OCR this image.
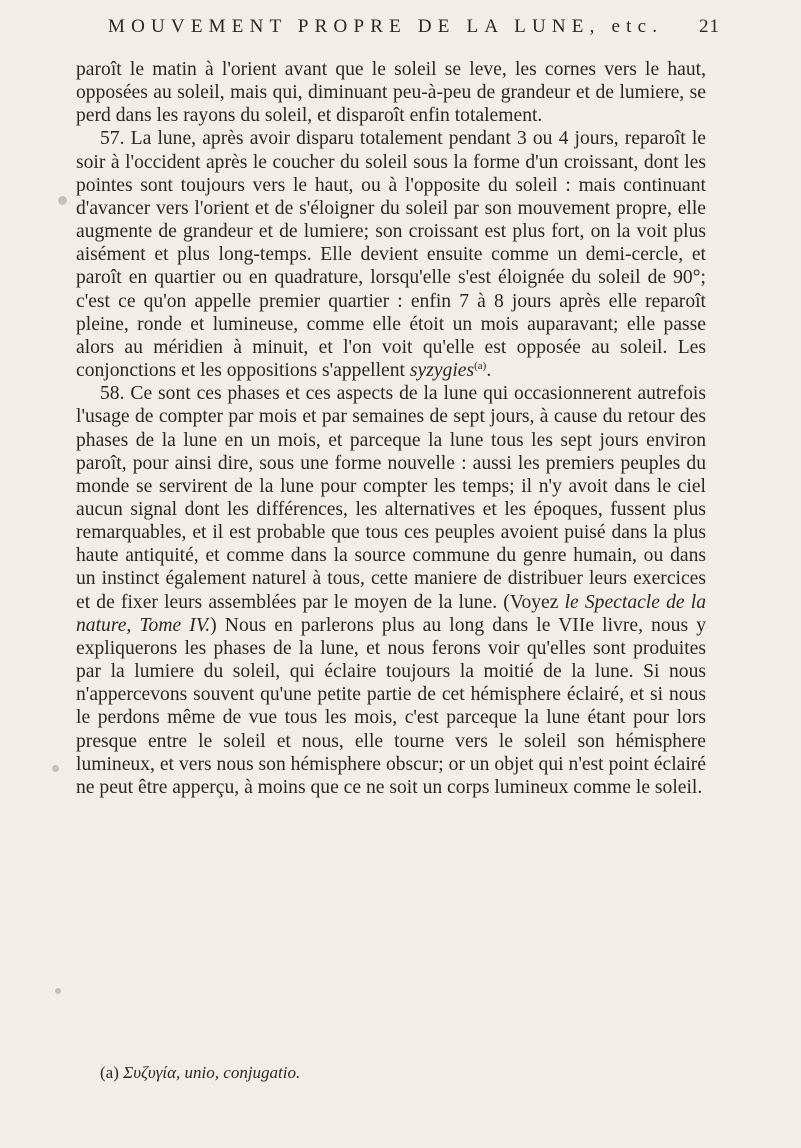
MOUVEMENT PROPRE DE LA LUNE, etc. 21

paroît le matin à l'orient avant que le soleil se leve, les cornes vers le haut, opposées au soleil, mais qui, diminuant peu-à-peu de grandeur et de lumiere, se perd dans les rayons du soleil, et disparoît enfin totalement.

57. La lune, après avoir disparu totalement pendant 3 ou 4 jours, reparoît le soir à l'occident après le coucher du soleil sous la forme d'un croissant, dont les pointes sont toujours vers le haut, ou à l'opposite du soleil : mais continuant d'avancer vers l'orient et de s'éloigner du soleil par son mouvement propre, elle augmente de grandeur et de lumiere; son croissant est plus fort, on la voit plus aisément et plus long-temps. Elle devient ensuite comme un demi-cercle, et paroît en quartier ou en quadrature, lorsqu'elle s'est éloignée du soleil de 90°; c'est ce qu'on appelle premier quartier : enfin 7 à 8 jours après elle reparoît pleine, ronde et lumineuse, comme elle étoit un mois auparavant; elle passe alors au méridien à minuit, et l'on voit qu'elle est opposée au soleil. Les conjonctions et les oppositions s'appellent syzygies$^{(a)}$.

58. Ce sont ces phases et ces aspects de la lune qui occasionnerent autrefois l'usage de compter par mois et par semaines de sept jours, à cause du retour des phases de la lune en un mois, et parceque la lune tous les sept jours environ paroît, pour ainsi dire, sous une forme nouvelle : aussi les premiers peuples du monde se servirent de la lune pour compter les temps; il n'y avoit dans le ciel aucun signal dont les différences, les alternatives et les époques, fussent plus remarquables, et il est probable que tous ces peuples avoient puisé dans la plus haute antiquité, et comme dans la source commune du genre humain, ou dans un instinct également naturel à tous, cette maniere de distribuer leurs exercices et de fixer leurs assemblées par le moyen de la lune. (Voyez le Spectacle de la nature, Tome IV.) Nous en parlerons plus au long dans le VIIe livre, nous y expliquerons les phases de la lune, et nous ferons voir qu'elles sont produites par la lumiere du soleil, qui éclaire toujours la moitié de la lune. Si nous n'appercevons souvent qu'une petite partie de cet hémisphere éclairé, et si nous le perdons même de vue tous les mois, c'est parceque la lune étant pour lors presque entre le soleil et nous, elle tourne vers le soleil son hémisphere lumineux, et vers nous son hémisphere obscur; or un objet qui n'est point éclairé ne peut être apperçu, à moins que ce ne soit un corps lumineux comme le soleil.

(a) Συζυγία, unio, conjugatio.
